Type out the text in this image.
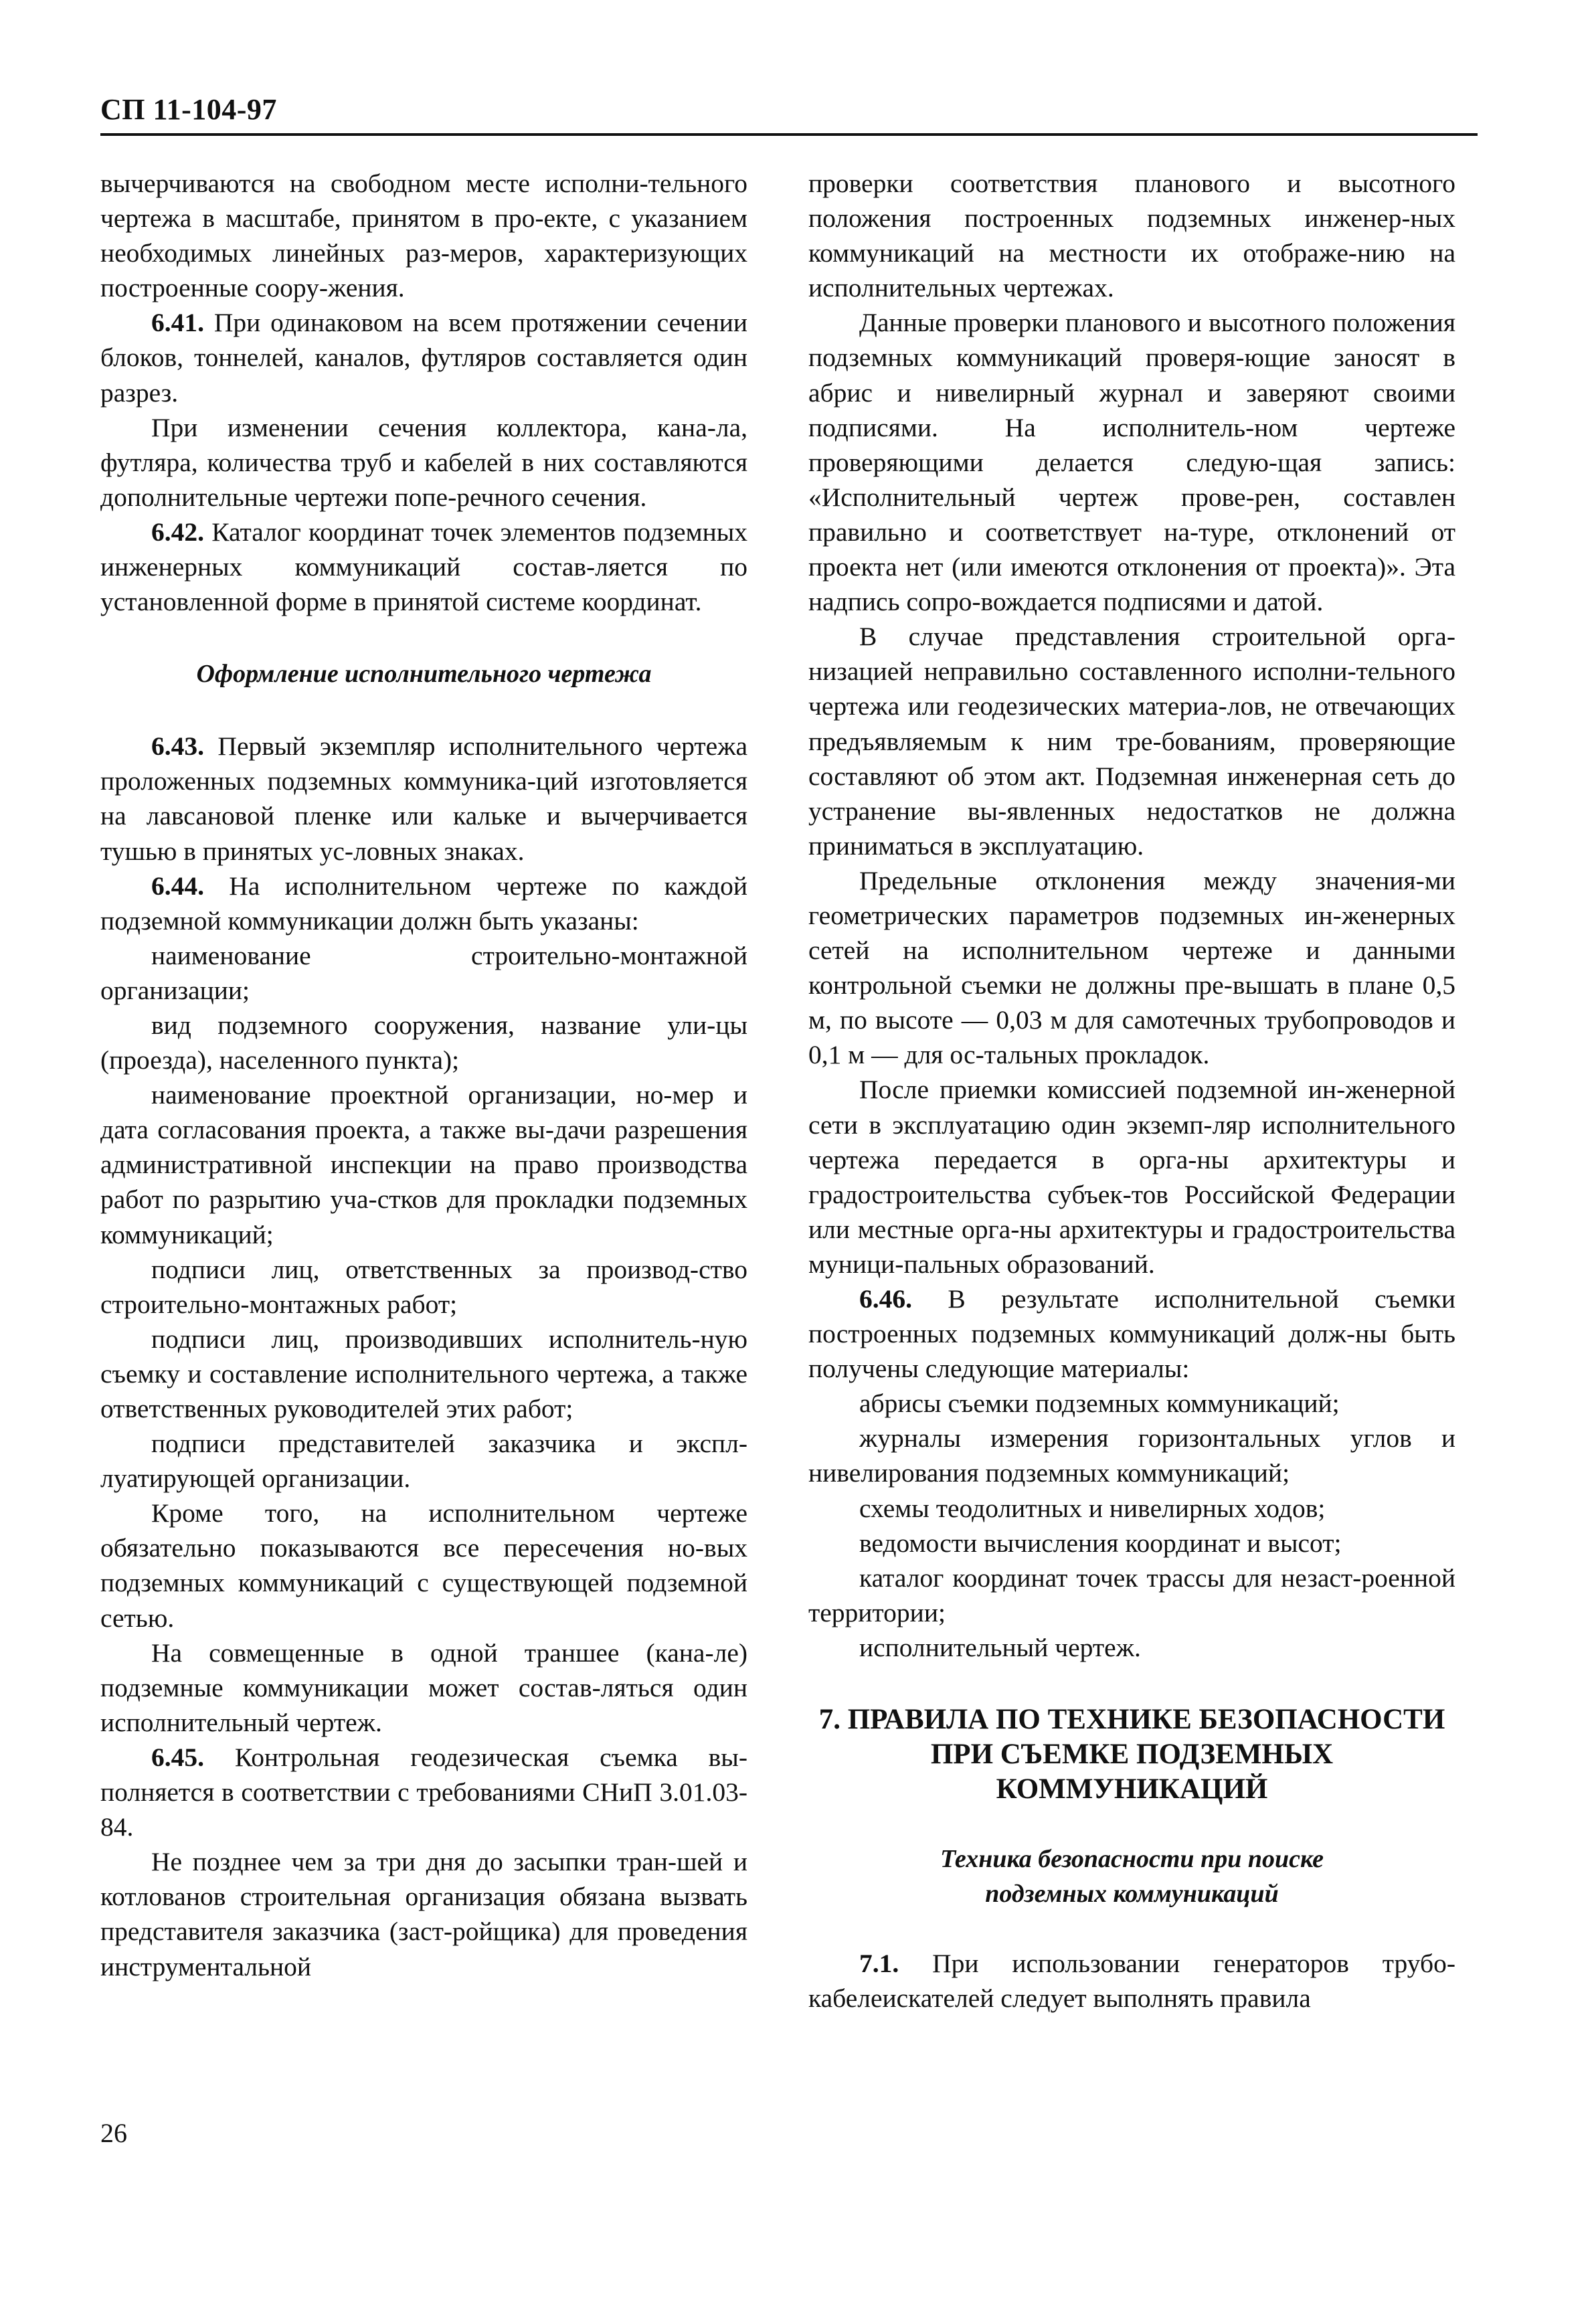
СП 11-104-97

вычерчиваются на свободном месте исполни-тельного чертежа в масштабе, принятом в про-екте, с указанием необходимых линейных раз-меров, характеризующих построенные соору-жения.

6.41. При одинаковом на всем протяжении сечении блоков, тоннелей, каналов, футляров составляется один разрез.

При изменении сечения коллектора, кана-ла, футляра, количества труб и кабелей в них составляются дополнительные чертежи попе-речного сечения.

6.42. Каталог координат точек элементов подземных инженерных коммуникаций состав-ляется по установленной форме в принятой системе координат.

Оформление исполнительного чертежа

6.43. Первый экземпляр исполнительного чертежа проложенных подземных коммуника-ций изготовляется на лавсановой пленке или кальке и вычерчивается тушью в принятых ус-ловных знаках.

6.44. На исполнительном чертеже по каждой подземной коммуникации должн быть указаны:

наименование строительно-монтажной организации;

вид подземного сооружения, название ули-цы (проезда), населенного пункта);

наименование проектной организации, но-мер и дата согласования проекта, а также вы-дачи разрешения административной инспекции на право производства работ по разрытию уча-стков для прокладки подземных коммуникаций;

подписи лиц, ответственных за производ-ство строительно-монтажных работ;

подписи лиц, производивших исполнитель-ную съемку и составление исполнительного чертежа, а также ответственных руководителей этих работ;

подписи представителей заказчика и экспл-луатирующей организации.

Кроме того, на исполнительном чертеже обязательно показываются все пересечения но-вых подземных коммуникаций с существующей подземной сетью.

На совмещенные в одной траншее (кана-ле) подземные коммуникации может состав-ляться один исполнительный чертеж.

6.45. Контрольная геодезическая съемка вы-полняется в соответствии с требованиями СНиП 3.01.03-84.

Не позднее чем за три дня до засыпки тран-шей и котлованов строительная организация обязана вызвать представителя заказчика (заст-ройщика) для проведения инструментальной

проверки соответствия планового и высотного положения построенных подземных инженер-ных коммуникаций на местности их отображе-нию на исполнительных чертежах.

Данные проверки планового и высотного положения подземных коммуникаций проверя-ющие заносят в абрис и нивелирный журнал и заверяют своими подписями. На исполнитель-ном чертеже проверяющими делается следую-щая запись: «Исполнительный чертеж прове-рен, составлен правильно и соответствует на-туре, отклонений от проекта нет (или имеются отклонения от проекта)». Эта надпись сопро-вождается подписями и датой.

В случае представления строительной орга-низацией неправильно составленного исполни-тельного чертежа или геодезических материа-лов, не отвечающих предъявляемым к ним тре-бованиям, проверяющие составляют об этом акт. Подземная инженерная сеть до устранение вы-явленных недостатков не должна приниматься в эксплуатацию.

Предельные отклонения между значения-ми геометрических параметров подземных ин-женерных сетей на исполнительном чертеже и данными контрольной съемки не должны пре-вышать в плане 0,5 м, по высоте — 0,03 м для самотечных трубопроводов и 0,1 м — для ос-тальных прокладок.

После приемки комиссией подземной ин-женерной сети в эксплуатацию один экземп-ляр исполнительного чертежа передается в орга-ны архитектуры и градостроительства субъек-тов Российской Федерации или местные орга-ны архитектуры и градостроительства муници-пальных образований.

6.46. В результате исполнительной съемки построенных подземных коммуникаций долж-ны быть получены следующие материалы:

абрисы съемки подземных коммуникаций;

журналы измерения горизонтальных углов и нивелирования подземных коммуникаций;

схемы теодолитных и нивелирных ходов;

ведомости вычисления координат и высот;

каталог координат точек трассы для незаст-роенной территории;

исполнительный чертеж.

7. ПРАВИЛА ПО ТЕХНИКЕ БЕЗОПАСНОСТИ

ПРИ СЪЕМКЕ ПОДЗЕМНЫХ

КОММУНИКАЦИЙ

Техника безопасности при поиске

подземных коммуникаций

7.1. При использовании генераторов трубо-кабелеискателей следует выполнять правила

26
